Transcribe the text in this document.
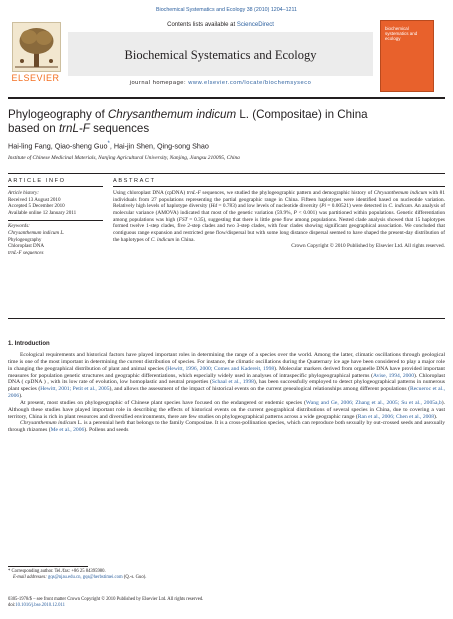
Biochemical Systematics and Ecology 38 (2010) 1204–1211
ELSEVIER
Contents lists available at ScienceDirect
Biochemical Systematics and Ecology
journal homepage: www.elsevier.com/locate/biochemsyseco
biochemical systematics and ecology
Phylogeography of Chrysanthemum indicum L. (Compositae) in China
based on trnL-F sequences
Hai-ling Fang, Qiao-sheng Guo*, Hai-jin Shen, Qing-song Shao
Institute of Chinese Medicinal Materials, Nanjing Agricultural University, Nanjing, Jiangsu 210095, China
ARTICLE INFO	ABSTRACT
Article history:
Received 13 August 2010
Accepted 5 December 2010
Available online 12 January 2011
Keywords:
Chrysanthemum indicum L.
Phylogeography
Chloroplast DNA
trnL-F sequences
Using chloroplast DNA (cpDNA) trnL-F sequences, we studied the phylogeographic pattern and demographic history of Chrysanthemum indicum with 81 individuals from 27 populations representing the partial geographic range in China. Fifteen haplotypes were identified based on nucleotide variation. Relatively high levels of haplotype diversity (Hd = 0.783) and low levels of nucleotide diversity (Pi = 0.00521) were detected in C. indicum. An analysis of molecular variance (AMOVA) indicated that most of the genetic variation (59.9%, P < 0.001) was partitioned within populations. Genetic differentiation among populations was high (FST = 0.35), suggesting that there is little gene flow among populations. Nested clade analysis showed that 15 haplotypes formed twelve 1-step clades, five 2-step clades and two 3-step clades, with four clades showing significant geographical association. We concluded that contiguous range expansion and restricted gene flow/dispersal but with some long distance dispersal seemed to have shaped the present-day distribution of the haplotypes of C. indicum in China.
Crown Copyright © 2010 Published by Elsevier Ltd. All rights reserved.
1. Introduction

Ecological requirements and historical factors have played important roles in determining the range of a species over the world. Among the latter, climatic oscillations through geological time is one of the most important in determining the current distribution of species. For instance, the climatic oscillations during the Quaternary ice age have been considered to play a major role in changing the geographical distribution of plant and animal species (Hewitt, 1996, 2000; Comes and Kadereit, 1998). Molecular markers derived from organelle DNA have provided important measures for population genetic structures and geographic differentiations, which especially widely used in analyses of intraspecific phylogeographical patterns (Avise, 1994, 2000). Chloroplast DNA ( cpDNA ) , with its low rate of evolution, low homoplastic and neutral properties (Schaal et al., 1998), has been successfully employed to detect phylogeographical patterns in numerous plant species (Hewitt, 2001; Petit et al., 2005), and allows the assessment of the impact of historical events on the current genealogical relationships among different populations (Recuerоc et al., 2006).

At present, most studies on phylogeographic of Chinese plant species have focused on the endangered or endemic species (Wang and Ge, 2006; Zhang et al., 2005; Su et al., 2005a,b). Although these studies have played important role in describing the effects of historical events on the current geographical distributions of several species in China, due to covering a vast territory, China is rich in plant resources and diversified environments, there are few studies on phylogeographical patterns across a wide geographic range (Ran et al., 2006; Chen et al., 2008).

Chrysanthemum indicum L. is a perennial herb that belongs to the family Compositae. It is a cross-pollination species, which can reproduce both sexually by out-crossed seeds and asexually through rhizomes (Me et al., 2006). Pollens and seeds

* Corresponding author. Tel./fax: +86 25 84395980.
E-mail addresses: gqs@njau.edu.cn, gqs@herbstimei.com (Q.-s. Guo).
0305-1978/$ – see front matter Crown Copyright © 2010 Published by Elsevier Ltd. All rights reserved.
doi:10.1016/j.bse.2010.12.011
